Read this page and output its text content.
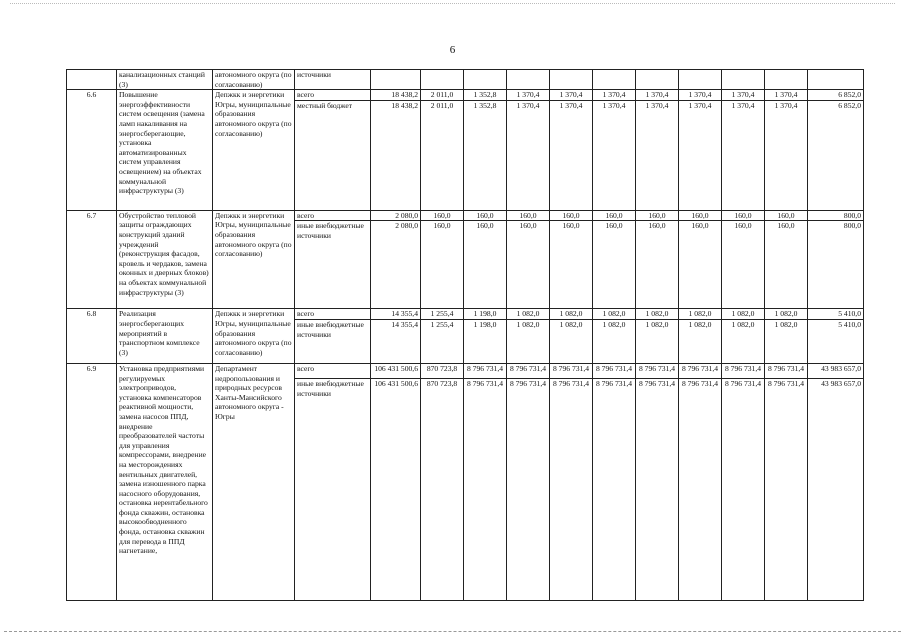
6
	канализационных станций (3)	автономного округа (по согласованию)	источники											
6.6	Повышение энергоэффективности систем освещения (замена ламп накаливания на энергосберегающие, установка автоматизированных систем управления освещением) на объектах коммунальной инфраструктуры (3)	Депжкк и энергетики Югры, муниципальные образования автономного округа (по согласованию)	всего	18 438,2	2 011,0	1 352,8	1 370,4	1 370,4	1 370,4	1 370,4	1 370,4	1 370,4	1 370,4	6 852,0
			местный бюджет	18 438,2	2 011,0	1 352,8	1 370,4	1 370,4	1 370,4	1 370,4	1 370,4	1 370,4	1 370,4	6 852,0
6.7	Обустройство тепловой защиты ограждающих конструкций зданий учреждений (реконструкция фасадов, кровель и чердаков, замена оконных и дверных блоков) на объектах коммунальной инфраструктуры (3)	Депжкк и энергетики Югры, муниципальные образования автономного округа (по согласованию)	всего	2 080,0	160,0	160,0	160,0	160,0	160,0	160,0	160,0	160,0	160,0	800,0
			иные внебюджетные источники	2 080,0	160,0	160,0	160,0	160,0	160,0	160,0	160,0	160,0	160,0	800,0
6.8	Реализация энергосберегающих мероприятий в транспортном комплексе (3)	Депжкк и энергетики Югры, муниципальные образования автономного округа (по согласованию)	всего	14 355,4	1 255,4	1 198,0	1 082,0	1 082,0	1 082,0	1 082,0	1 082,0	1 082,0	1 082,0	5 410,0
			иные внебюджетные источники	14 355,4	1 255,4	1 198,0	1 082,0	1 082,0	1 082,0	1 082,0	1 082,0	1 082,0	1 082,0	5 410,0
6.9	Установка предприятиями регулируемых электроприводов, установка компенсаторов реактивной мощности, замена насосов ППД, внедрение преобразователей частоты для управления компрессорами, внедрение на месторождениях вентильных двигателей, замена изношенного парка насосного оборудования, остановка нерентабельного фонда скважин, остановка высокообводненного фонда, остановка скважин для перевода в ППД нагнетание,	Департамент недропользования и природных ресурсов Ханты-Мансийского автономного округа - Югры	всего	106 431 500,6	870 723,8	8 796 731,4	8 796 731,4	8 796 731,4	8 796 731,4	8 796 731,4	8 796 731,4	8 796 731,4	8 796 731,4	43 983 657,0
			иные внебюджетные источники	106 431 500,6	870 723,8	8 796 731,4	8 796 731,4	8 796 731,4	8 796 731,4	8 796 731,4	8 796 731,4	8 796 731,4	8 796 731,4	43 983 657,0
